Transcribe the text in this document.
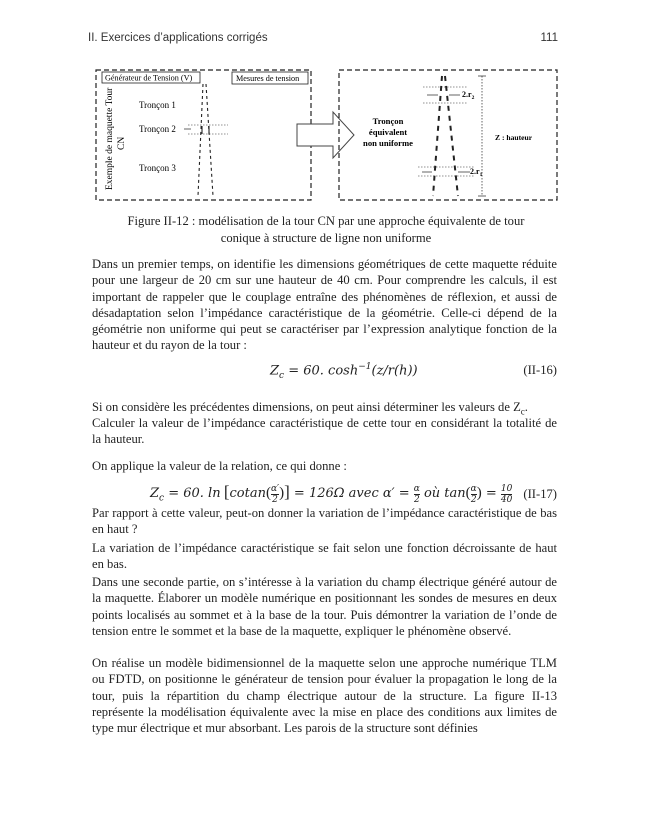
II. Exercices d’applications corrigés	111
Générateur de Tension (V)	Mesures de tension
Exemple de maquette Tour CN
Tronçon 1
Tronçon 2
Tronçon 3
Tronçon
équivalent
non uniforme
$2.r_2$
$2.r_1$
Z : hauteur
Figure II-12 : modélisation de la tour CN par une approche équivalente de tour
conique à structure de ligne non uniforme
Dans un premier temps, on identifie les dimensions géométriques de cette maquette réduite pour une largeur de 20 cm sur une hauteur de 40 cm. Pour comprendre les calculs, il est important de rappeler que le couplage entraîne des phénomènes de réflexion, et aussi de désadaptation selon l’impédance caractéristique de la géométrie. Celle-ci dépend de la géométrie non uniforme qui peut se caractériser par l’expression analytique fonction de la hauteur et du rayon de la tour :
$Z_c = 60$. $\cosh^{-1}(z/r(h))$	(II-16)
Si on considère les précédentes dimensions, on peut ainsi déterminer les valeurs de $Z_c$.
Calculer la valeur de l’impédance caractéristique de cette tour en considérant la totalité de la hauteur.
On applique la valeur de la relation, ce qui donne :
$Z_c = 60$. $\ln [cotan( \frac{\alpha'}{2}$ )] = 126Ω avec $\alpha' = \frac{\alpha}{2}$ où $\tan( \frac{\alpha}{2}$ ) = $\frac{10}{40} (II-17)$
Par rapport à cette valeur, peut-on donner la variation de l’impédance caractéristique de bas en haut ?
La variation de l’impédance caractéristique se fait selon une fonction décroissante de haut en bas.
Dans une seconde partie, on s’intéresse à la variation du champ électrique généré autour de la maquette. Élaborer un modèle numérique en positionnant les sondes de mesures en deux points localisés au sommet et à la base de la tour. Puis démontrer la variation de l’onde de tension entre le sommet et la base de la maquette, expliquer le phénomène observé.
On réalise un modèle bidimensionnel de la maquette selon une approche numérique TLM ou FDTD, on positionne le générateur de tension pour évaluer la propagation le long de la tour, puis la répartition du champ électrique autour de la structure. La figure II-13 représente la modélisation équivalente avec la mise en place des conditions aux limites de type mur électrique et mur absorbant. Les parois de la structure sont définies
